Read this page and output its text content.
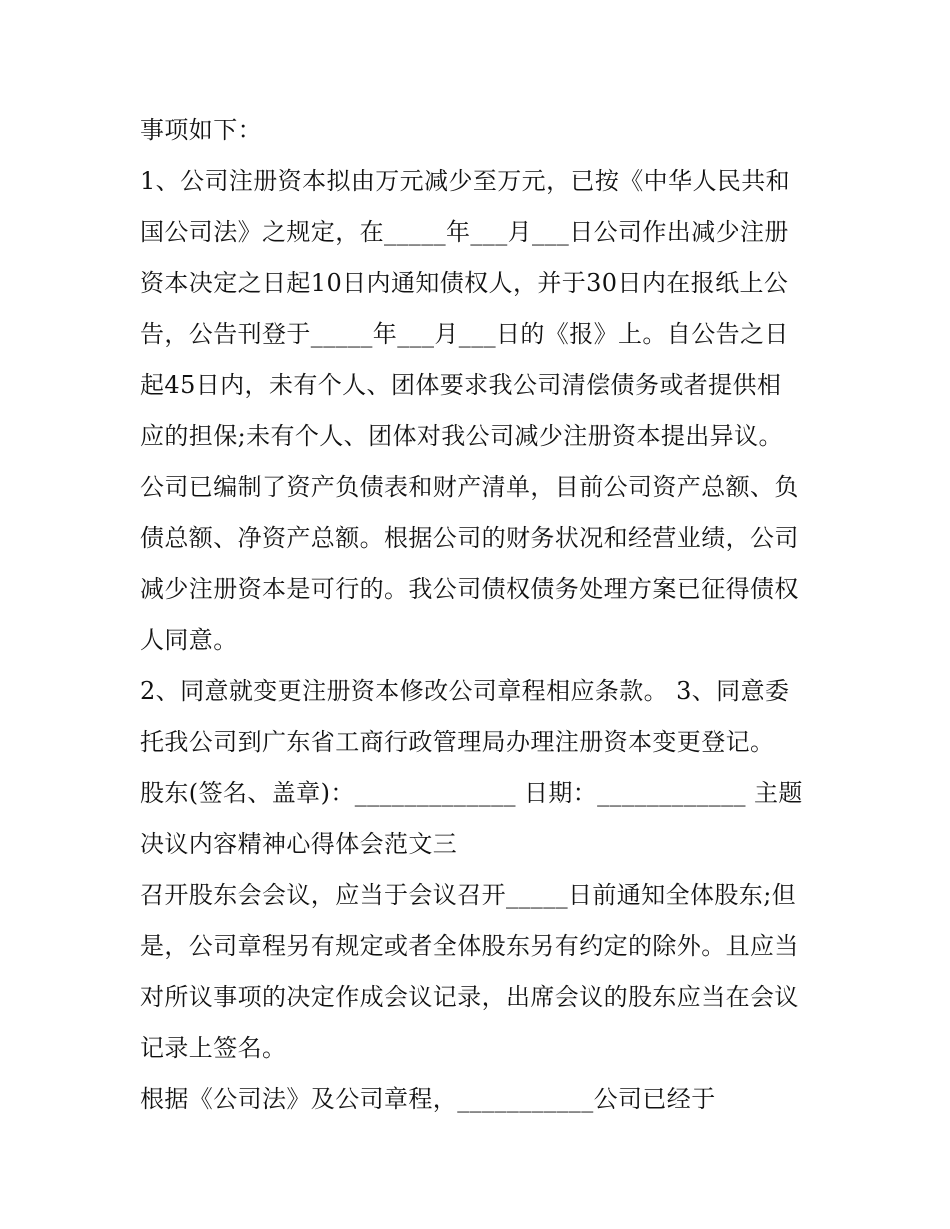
事项如下：
1、公司注册资本拟由万元减少至万元，已按《中华人民共和
国公司法》之规定，在_____年___月___日公司作出减少注册
资本决定之日起10日内通知债权人，并于30日内在报纸上公
告，公告刊登于_____年___月___日的《报》上。自公告之日
起45日内，未有个人、团体要求我公司清偿债务或者提供相
应的担保;未有个人、团体对我公司减少注册资本提出异议。
公司已编制了资产负债表和财产清单，目前公司资产总额、负
债总额、净资产总额。根据公司的财务状况和经营业绩，公司
减少注册资本是可行的。我公司债权债务处理方案已征得债权
人同意。
2、同意就变更注册资本修改公司章程相应条款。 3、同意委
托我公司到广东省工商行政管理局办理注册资本变更登记。
股东(签名、盖章)：_____________ 日期：____________ 主题
决议内容精神心得体会范文三
召开股东会会议，应当于会议召开_____日前通知全体股东;但
是，公司章程另有规定或者全体股东另有约定的除外。且应当
对所议事项的决定作成会议记录，出席会议的股东应当在会议
记录上签名。
根据《公司法》及公司章程，___________公司已经于
